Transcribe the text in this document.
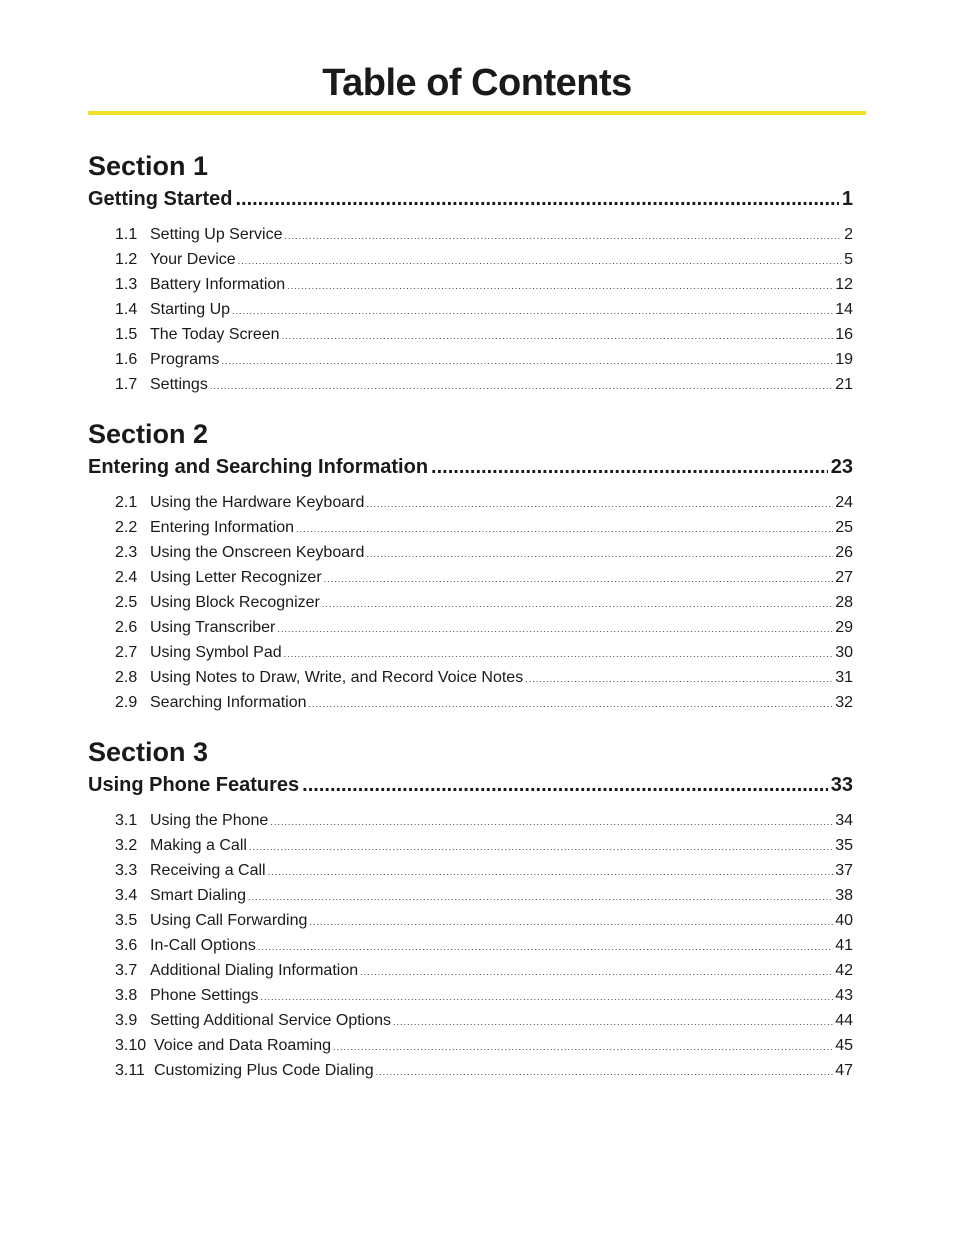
Table of Contents
Section 1
Getting Started .....	1
1.1 Setting Up Service .....	2
1.2 Your Device .....	5
1.3 Battery Information .....	12
1.4 Starting Up .....	14
1.5 The Today Screen .....	16
1.6 Programs .....	19
1.7 Settings .....	21
Section 2
Entering and Searching Information .....	23
2.1 Using the Hardware Keyboard .....	24
2.2 Entering Information .....	25
2.3 Using the Onscreen Keyboard .....	26
2.4 Using Letter Recognizer .....	27
2.5 Using Block Recognizer .....	28
2.6 Using Transcriber .....	29
2.7 Using Symbol Pad .....	30
2.8 Using Notes to Draw, Write, and Record Voice Notes .....	31
2.9 Searching Information .....	32
Section 3
Using Phone Features .....	33
3.1 Using the Phone .....	34
3.2 Making a Call .....	35
3.3 Receiving a Call .....	37
3.4 Smart Dialing .....	38
3.5 Using Call Forwarding .....	40
3.6 In-Call Options .....	41
3.7 Additional Dialing Information .....	42
3.8 Phone Settings .....	43
3.9 Setting Additional Service Options .....	44
3.10 Voice and Data Roaming .....	45
3.11 Customizing Plus Code Dialing .....	47
